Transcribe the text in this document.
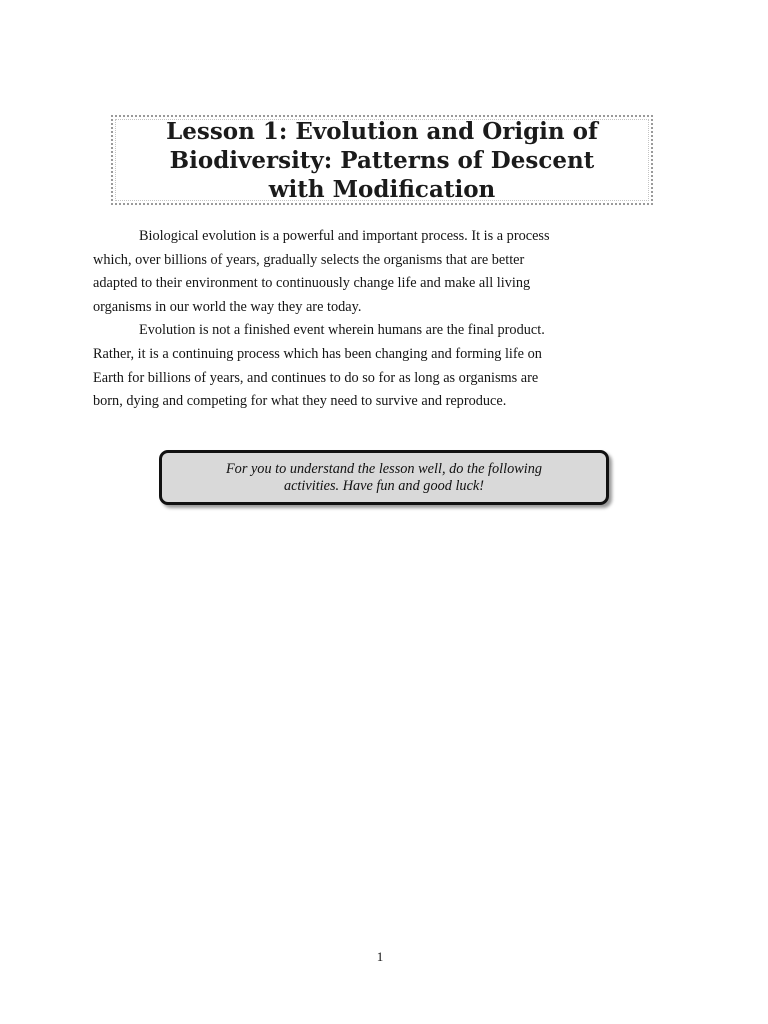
Lesson 1: Evolution and Origin of
Biodiversity: Patterns of Descent
with Modification
Biological evolution is a powerful and important process. It is a process
which, over billions of years, gradually selects the organisms that are better
adapted to their environment to continuously change life and make all living
organisms in our world the way they are today.
Evolution is not a finished event wherein humans are the final product.
Rather, it is a continuing process which has been changing and forming life on
Earth for billions of years, and continues to do so for as long as organisms are
born, dying and competing for what they need to survive and reproduce.
For you to understand the lesson well, do the following
activities. Have fun and good luck!
1
